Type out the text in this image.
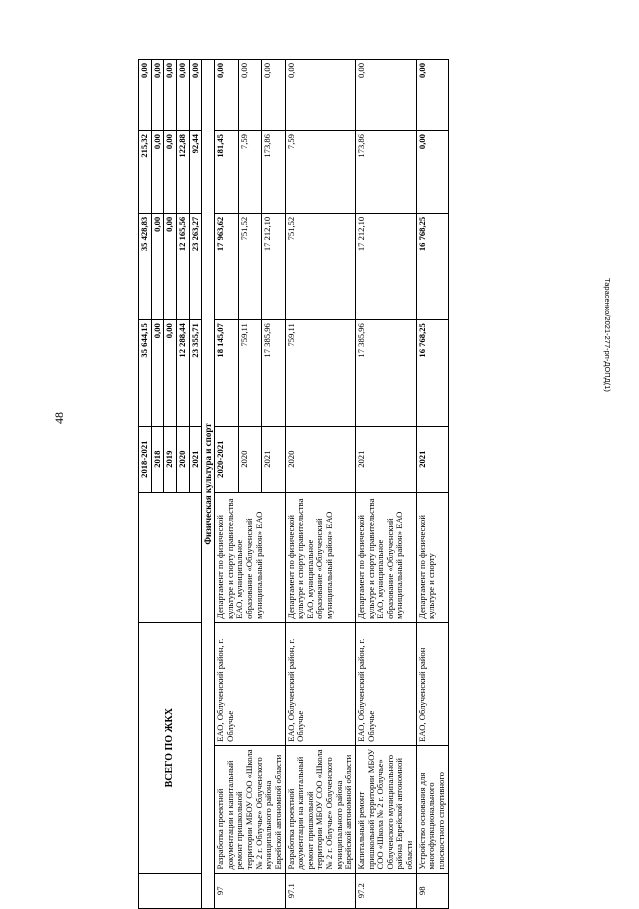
48
	ВСЕГО ПО ЖКХ			2018-2021	35 644,15	35 428,83	215,32	0,00
				2018	0,00	0,00	0,00	0,00
				2019	0,00	0,00	0,00	0,00
				2020	12 288,44	12 165,56	122,88	0,00
				2021	23 355,71	23 263,27	92,44	0,00
Физическая культура и спорт								
97	Разработка проектной документации и капитальный ремонт пришкольной территории МБОУ СОО «Школа № 2 г. Облучье» Облученского муниципального района Еврейской автономной области	ЕАО, Облученский район, г. Облучье	Департамент по физической культуре и спорту правительства ЕАО, муниципальное образование «Облученский муниципальный район» ЕАО	2020-2021	18 145,07	17 963,62	181,45	0,00
				2020	759,11	751,52	7,59	0,00
				2021	17 385,96	17 212,10	173,86	0,00
97.1	Разработка проектной документации на капитальный ремонт пришкольной территории МБОУ СОО «Школа № 2 г. Облучье» Облученского муниципального района Еврейской автономной области	ЕАО, Облученский район, г. Облучье	Департамент по физической культуре и спорту правительства ЕАО, муниципальное образование «Облученский муниципальный район» ЕАО	2020	759,11	751,52	7,59	0,00
97.2	Капитальный ремонт пришкольной территории МБОУ СОО «Школа № 2 г. Облучье» Облученского муниципального района Еврейской автономной области	ЕАО, Облученский район, г. Облучье	Департамент по физической культуре и спорту правительства ЕАО, муниципальное образование «Облученский муниципальный район» ЕАО	2021	17 385,96	17 212,10	173,86	0,00
98	Устройство основания для многофункционального плоскостного спортивного	ЕАО, Облученский район	Департамент по физической культуре и спорту	2021	16 768,25	16 768,25	0,00	0,00
Тарасенко/2021-277-рп-ДОПД(1)
